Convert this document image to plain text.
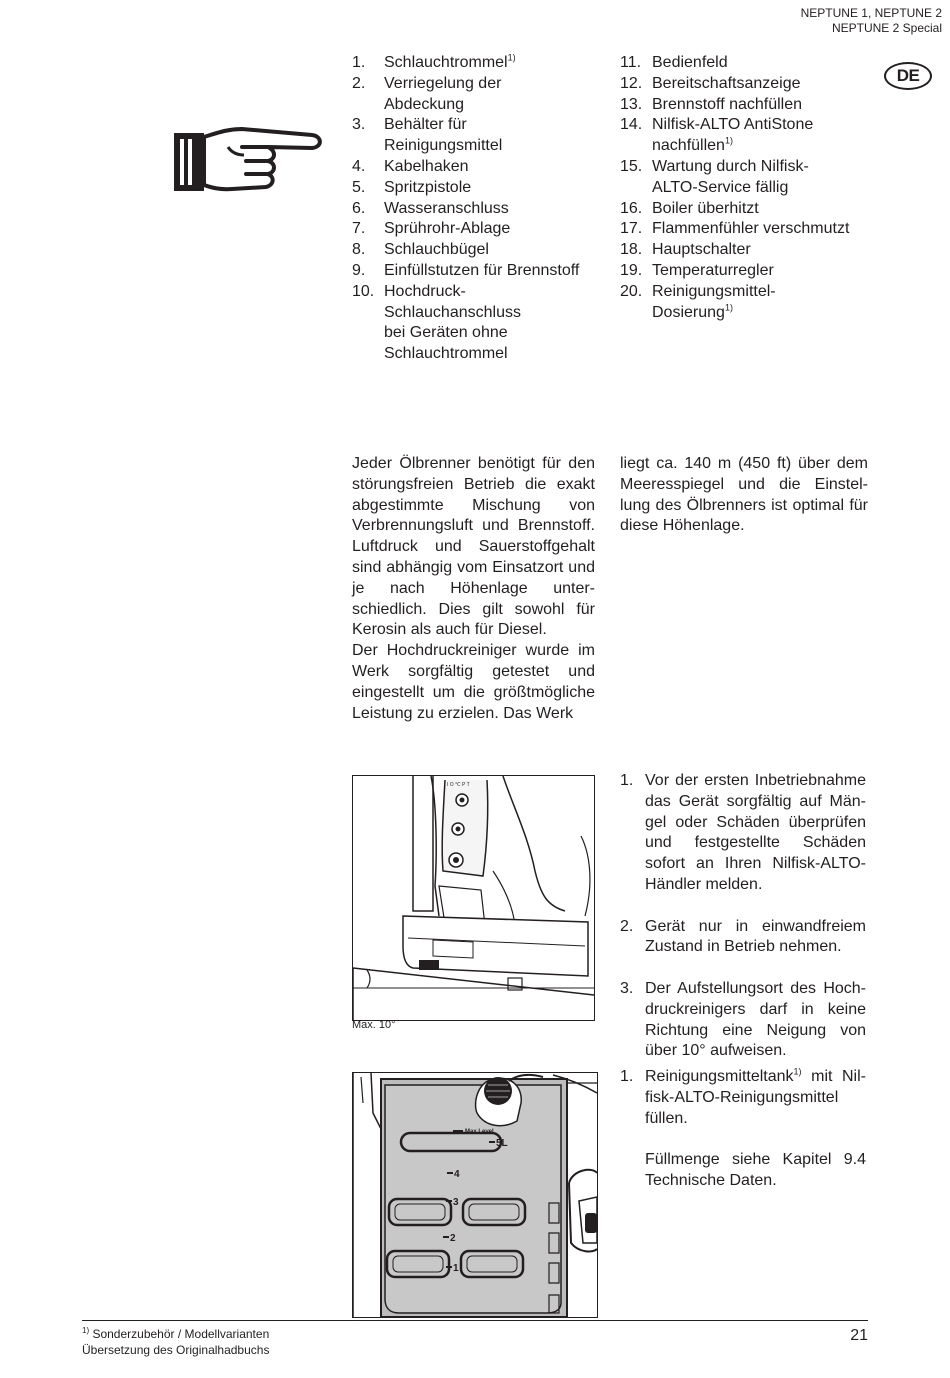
NEPTUNE 1, NEPTUNE 2
NEPTUNE 2 Special
DE
1. Schlauchtrommel$^{1)}$
2. Verriegelung der
Abdeckung
3. Behälter für
Reinigungsmittel
4. Kabelhaken
5. Spritzpistole
6. Wasseranschluss
7. Sprührohr-Ablage
8. Schlauchbügel
9. Einfüllstutzen für Brennstoff
10. Hochdruck-
Schlauchanschluss
bei Geräten ohne
Schlauchtrommel
11. Bedienfeld
12. Bereitschaftsanzeige
13. Brennstoff nachfüllen
14. Nilfisk-ALTO AntiStone
nachfüllen$^{1)}$
15. Wartung durch Nilfisk-
ALTO-Service fällig
16. Boiler überhitzt
17. Flammenfühler verschmutzt
18. Hauptschalter
19. Temperaturregler
20. Reinigungsmittel-
Dosierung$^{1)}$

Jeder Ölbrenner benötigt für den störungsfreien Betrieb die exakt abgestimmte Mischung von Verbrennungsluft und Brennstoff. Luftdruck und Sauerstoffgehalt sind abhängig vom Einsatzort und je nach Höhenlage unter-schiedlich. Dies gilt sowohl für Kerosin als auch für Diesel.

Der Hochdruckreiniger wurde im Werk sorgfältig getestet und eingestellt um die größtmögliche Leistung zu erzielen. Das Werk

liegt ca. 140 m (450 ft) über dem Meeresspiegel und die Einstel-lung des Ölbrenners ist optimal für diese Höhenlage.

I O ℃ P T
Max. 10°
5L
4
3
2
1
1. Vor der ersten Inbetriebnahme das Gerät sorgfältig auf Män-gel oder Schäden überprüfen und festgestellte Schäden sofort an Ihren Nilfisk-ALTO-Händler melden.
2. Gerät nur in einwandfreiem Zustand in Betrieb nehmen.
3. Der Aufstellungsort des Hoch-druckreinigers darf in keine Richtung eine Neigung von über 10° aufweisen.
1. Reinigungsmitteltank$^{1)}$ mit Nil-fisk-ALTO-Reinigungsmittel füllen.
Füllmenge siehe Kapitel 9.4 Technische Daten.
$^{1)}$ Sonderzubehör / Modellvarianten
Übersetzung des Originalhadbuchs
21
